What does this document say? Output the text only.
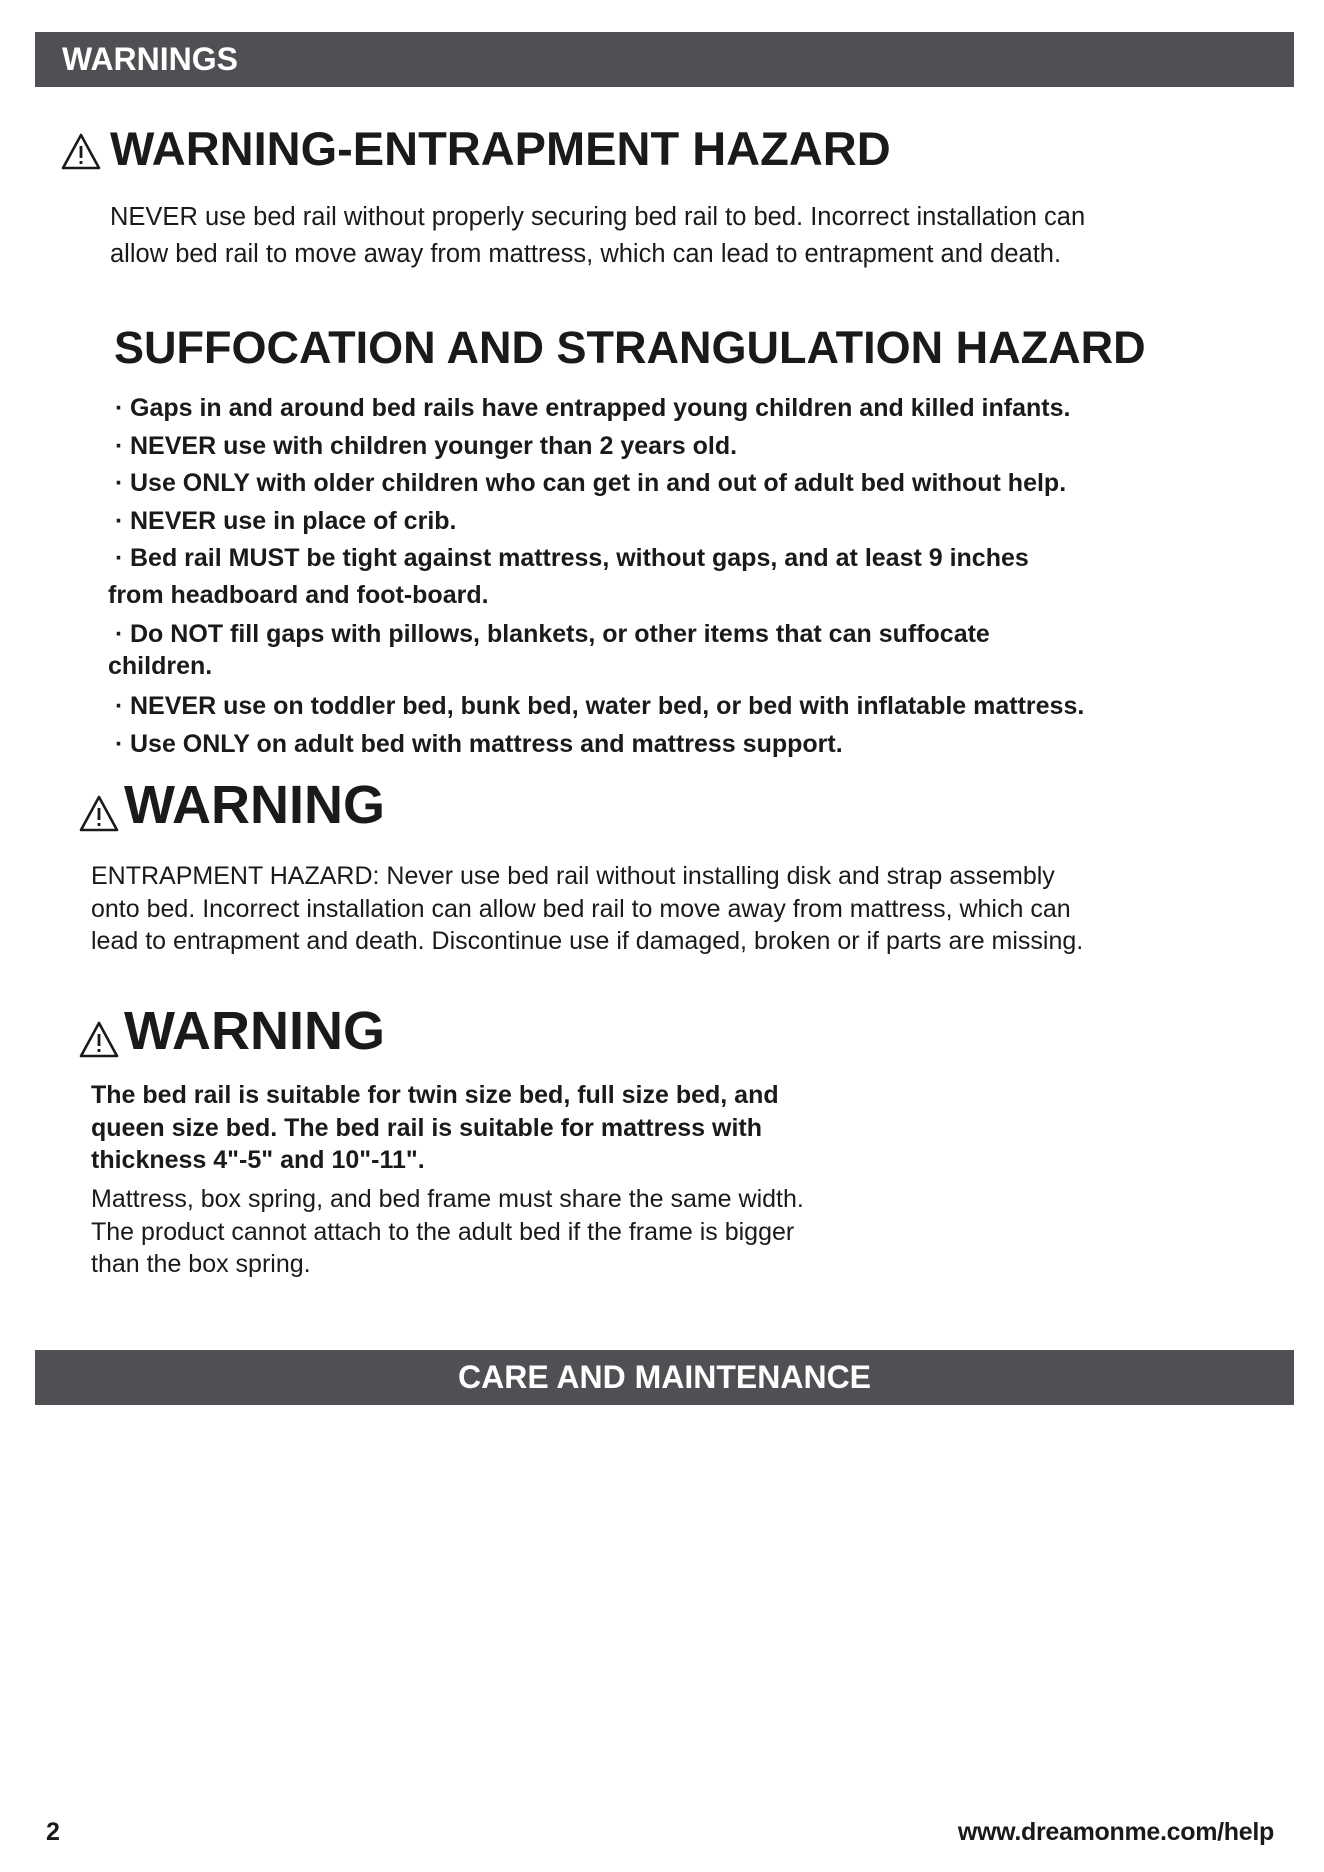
WARNINGS
WARNING-ENTRAPMENT HAZARD
NEVER use bed rail without properly securing bed rail to bed. Incorrect installation can
allow bed rail to move away from mattress, which can lead to entrapment and death.
SUFFOCATION AND STRANGULATION HAZARD
· Gaps in and around bed rails have entrapped young children and killed infants.
· NEVER use with children younger than 2 years old.
· Use ONLY with older children who can get in and out of adult bed without help.
· NEVER use in place of crib.
· Bed rail MUST be tight against mattress, without gaps, and at least 9 inches
from headboard and foot-board.
· Do NOT fill gaps with pillows, blankets, or other items that can suffocate
children.
· NEVER use on toddler bed, bunk bed, water bed, or bed with inflatable mattress.
· Use ONLY on adult bed with mattress and mattress support.
WARNING
ENTRAPMENT HAZARD: Never use bed rail without installing disk and strap assembly
onto bed. Incorrect installation can allow bed rail to move away from mattress, which can
lead to entrapment and death. Discontinue use if damaged, broken or if parts are missing.
WARNING
The bed rail is suitable for twin size bed, full size bed, and
queen size bed. The bed rail is suitable for mattress with
thickness 4"-5" and 10"-11".
Mattress, box spring, and bed frame must share the same width.
The product cannot attach to the adult bed if the frame is bigger
than the box spring.
CARE AND MAINTENANCE
2	www.dreamonme.com/help
